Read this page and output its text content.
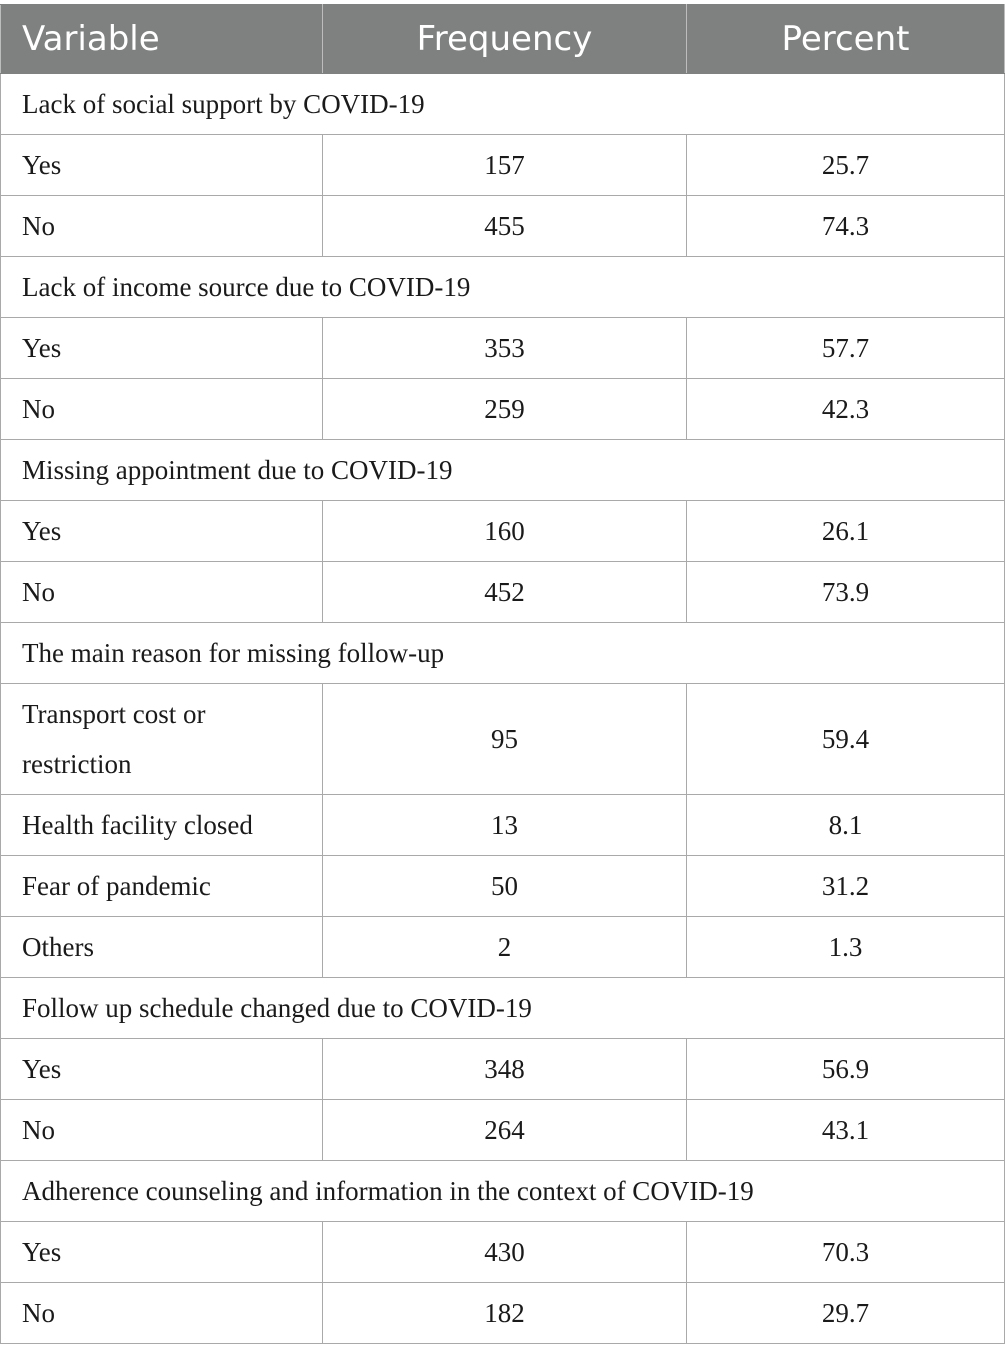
Variable	Frequency	Percent
Lack of social support by COVID-19		
Yes	157	25.7
No	455	74.3
Lack of income source due to COVID-19		
Yes	353	57.7
No	259	42.3
Missing appointment due to COVID-19		
Yes	160	26.1
No	452	73.9
The main reason for missing follow-up		
Transport cost or restriction	95	59.4
Health facility closed	13	8.1
Fear of pandemic	50	31.2
Others	2	1.3
Follow up schedule changed due to COVID-19		
Yes	348	56.9
No	264	43.1
Adherence counseling and information in the context of COVID-19		
Yes	430	70.3
No	182	29.7
